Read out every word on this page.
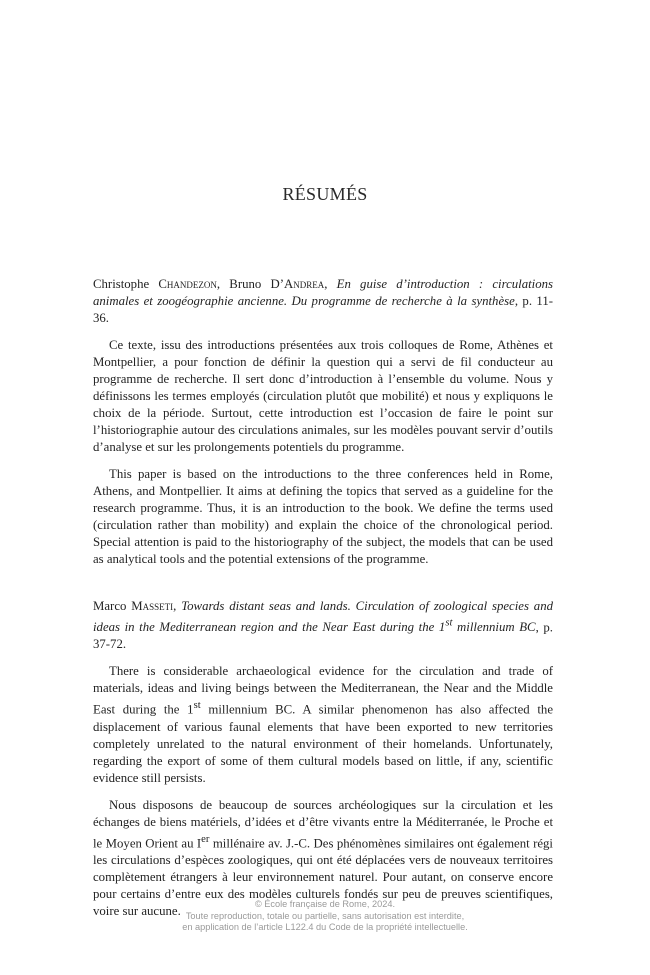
RÉSUMÉS

Christophe Chandezon, Bruno D’Andrea, En guise d’introduction : circulations animales et zoogéographie ancienne. Du programme de recherche à la synthèse, p. 11-36.

Ce texte, issu des introductions présentées aux trois colloques de Rome, Athènes et Montpellier, a pour fonction de définir la question qui a servi de fil conducteur au programme de recherche. Il sert donc d’introduction à l’ensemble du volume. Nous y définissons les termes employés (circulation plutôt que mobilité) et nous y expliquons le choix de la période. Surtout, cette introduction est l’occasion de faire le point sur l’historiographie autour des circulations animales, sur les modèles pouvant servir d’outils d’analyse et sur les prolongements potentiels du programme.

This paper is based on the introductions to the three conferences held in Rome, Athens, and Montpellier. It aims at defining the topics that served as a guideline for the research programme. Thus, it is an introduction to the book. We define the terms used (circulation rather than mobility) and explain the choice of the chronological period. Special attention is paid to the historiography of the subject, the models that can be used as analytical tools and the potential extensions of the programme.

Marco Masseti, Towards distant seas and lands. Circulation of zoological species and ideas in the Mediterranean region and the Near East during the 1st millennium BC, p. 37-72.

There is considerable archaeological evidence for the circulation and trade of materials, ideas and living beings between the Mediterranean, the Near and the Middle East during the 1st millennium BC. A similar phenomenon has also affected the displacement of various faunal elements that have been exported to new territories completely unrelated to the natural environment of their homelands. Unfortunately, regarding the export of some of them cultural models based on little, if any, scientific evidence still persists.

Nous disposons de beaucoup de sources archéologiques sur la circulation et les échanges de biens matériels, d’idées et d’être vivants entre la Méditerranée, le Proche et le Moyen Orient au Ier millénaire av. J.-C. Des phénomènes similaires ont également régi les circulations d’espèces zoologiques, qui ont été déplacées vers de nouveaux territoires complètement étrangers à leur environnement naturel. Pour autant, on conserve encore pour certains d’entre eux des modèles culturels fondés sur peu de preuves scientifiques, voire sur aucune.	© École française de Rome, 2024.
Toute reproduction, totale ou partielle, sans autorisation est interdite,
en application de l’article L122.4 du Code de la propriété intellectuelle.
